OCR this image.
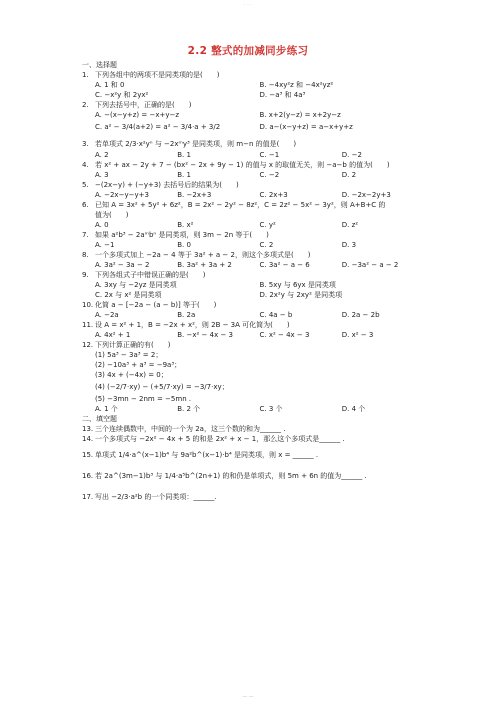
· · ·
2.2 整式的加减同步练习
一、选择题
1. 下列各组中的两项不是同类项的是(　　)
A. 1 和 0	B. −4xy²z 和 −4x²yz²
C. −x²y 和 2yx²	D. −a³ 和 4a³
2. 下列去括号中，正确的是(　　)
A. −(x−y+z) = −x+y−z	B. x+2(y−z) = x+2y−z
C. a² − 3/4(a+2) = a² − 3/4·a + 3/2	D. a−(x−y+z) = a−x+y+z
3. 若单项式 2/3·x²yⁿ 与 −2xᵐy³ 是同类项，则 m−n 的值是(　　)
A. 2	B. 1	C. −1	D. −2
4. 若 x² + ax − 2y + 7 − (bx² − 2x + 9y − 1) 的值与 x 的取值无关，则 −a−b 的值为(　　)
A. 3	B. 1	C. −2	D. 2
5. −(2x−y) + (−y+3) 去括号后的结果为(　　)
A. −2x−y−y+3	B. −2x+3	C. 2x+3	D. −2x−2y+3
6. 已知 A = 3x² + 5y² + 6z²，B = 2x² − 2y² − 8z²，C = 2z² − 5x² − 3y²，则 A+B+C 的
值为(　　)
A. 0	B. x²	C. y²	D. z²
7. 如果 a²b³ − 2aᵐbⁿ 是同类项，则 3m − 2n 等于(　　)
A. −1	B. 0	C. 2	D. 3
8. 一个多项式加上 −2a − 4 等于 3a² + a − 2，则这个多项式是(　　)
A. 3a² − 3a − 2	B. 3a² + 3a + 2	C. 3a² − a − 6	D. −3a² − a − 2
9. 下列各组式子中错误正确的是(　　)
A. 3xy 与 −2yz 是同类项	B. 5xy 与 6yx 是同类项
C. 2x 与 x² 是同类项	D. 2x²y 与 2xy² 是同类项
10. 化简 a − [−2a − (a − b)] 等于(　　)
A. −2a	B. 2a	C. 4a − b	D. 2a − 2b
11. 设 A = x² + 1，B = −2x + x²，则 2B − 3A 可化简为(　　)
A. 4x² + 1	B. −x² − 4x − 3	C. x² − 4x − 3	D. x² − 3
12. 下列计算正确的有(　　)
(1) 5a³ − 3a³ = 2；
(2) −10a³ + a³ = −9a³；
(3) 4x + (−4x) = 0；
(4) (−2/7·xy) − (+5/7·xy) = −3/7·xy；
(5) −3mn − 2nm = −5mn .
A. 1 个	B. 2 个	C. 3 个	D. 4 个
二、填空题
13. 三个连续偶数中，中间的一个为 2a，这三个数的和为______ .
14. 一个多项式与 −2x² − 4x + 5 的和是 2x² + x − 1，那么这个多项式是______ .
15. 单项式 1/4·a^(x−1)b⁴ 与 9a²b^(x−1)·b⁴ 是同类项，则 x = ______ .
16. 若 2a^(3m−1)b³ 与 1/4·a⁵b^(2n+1) 的和仍是单项式，则 5m + 6n 的值为______ .
17. 写出 −2/3·a²b 的一个同类项：______.
— —
